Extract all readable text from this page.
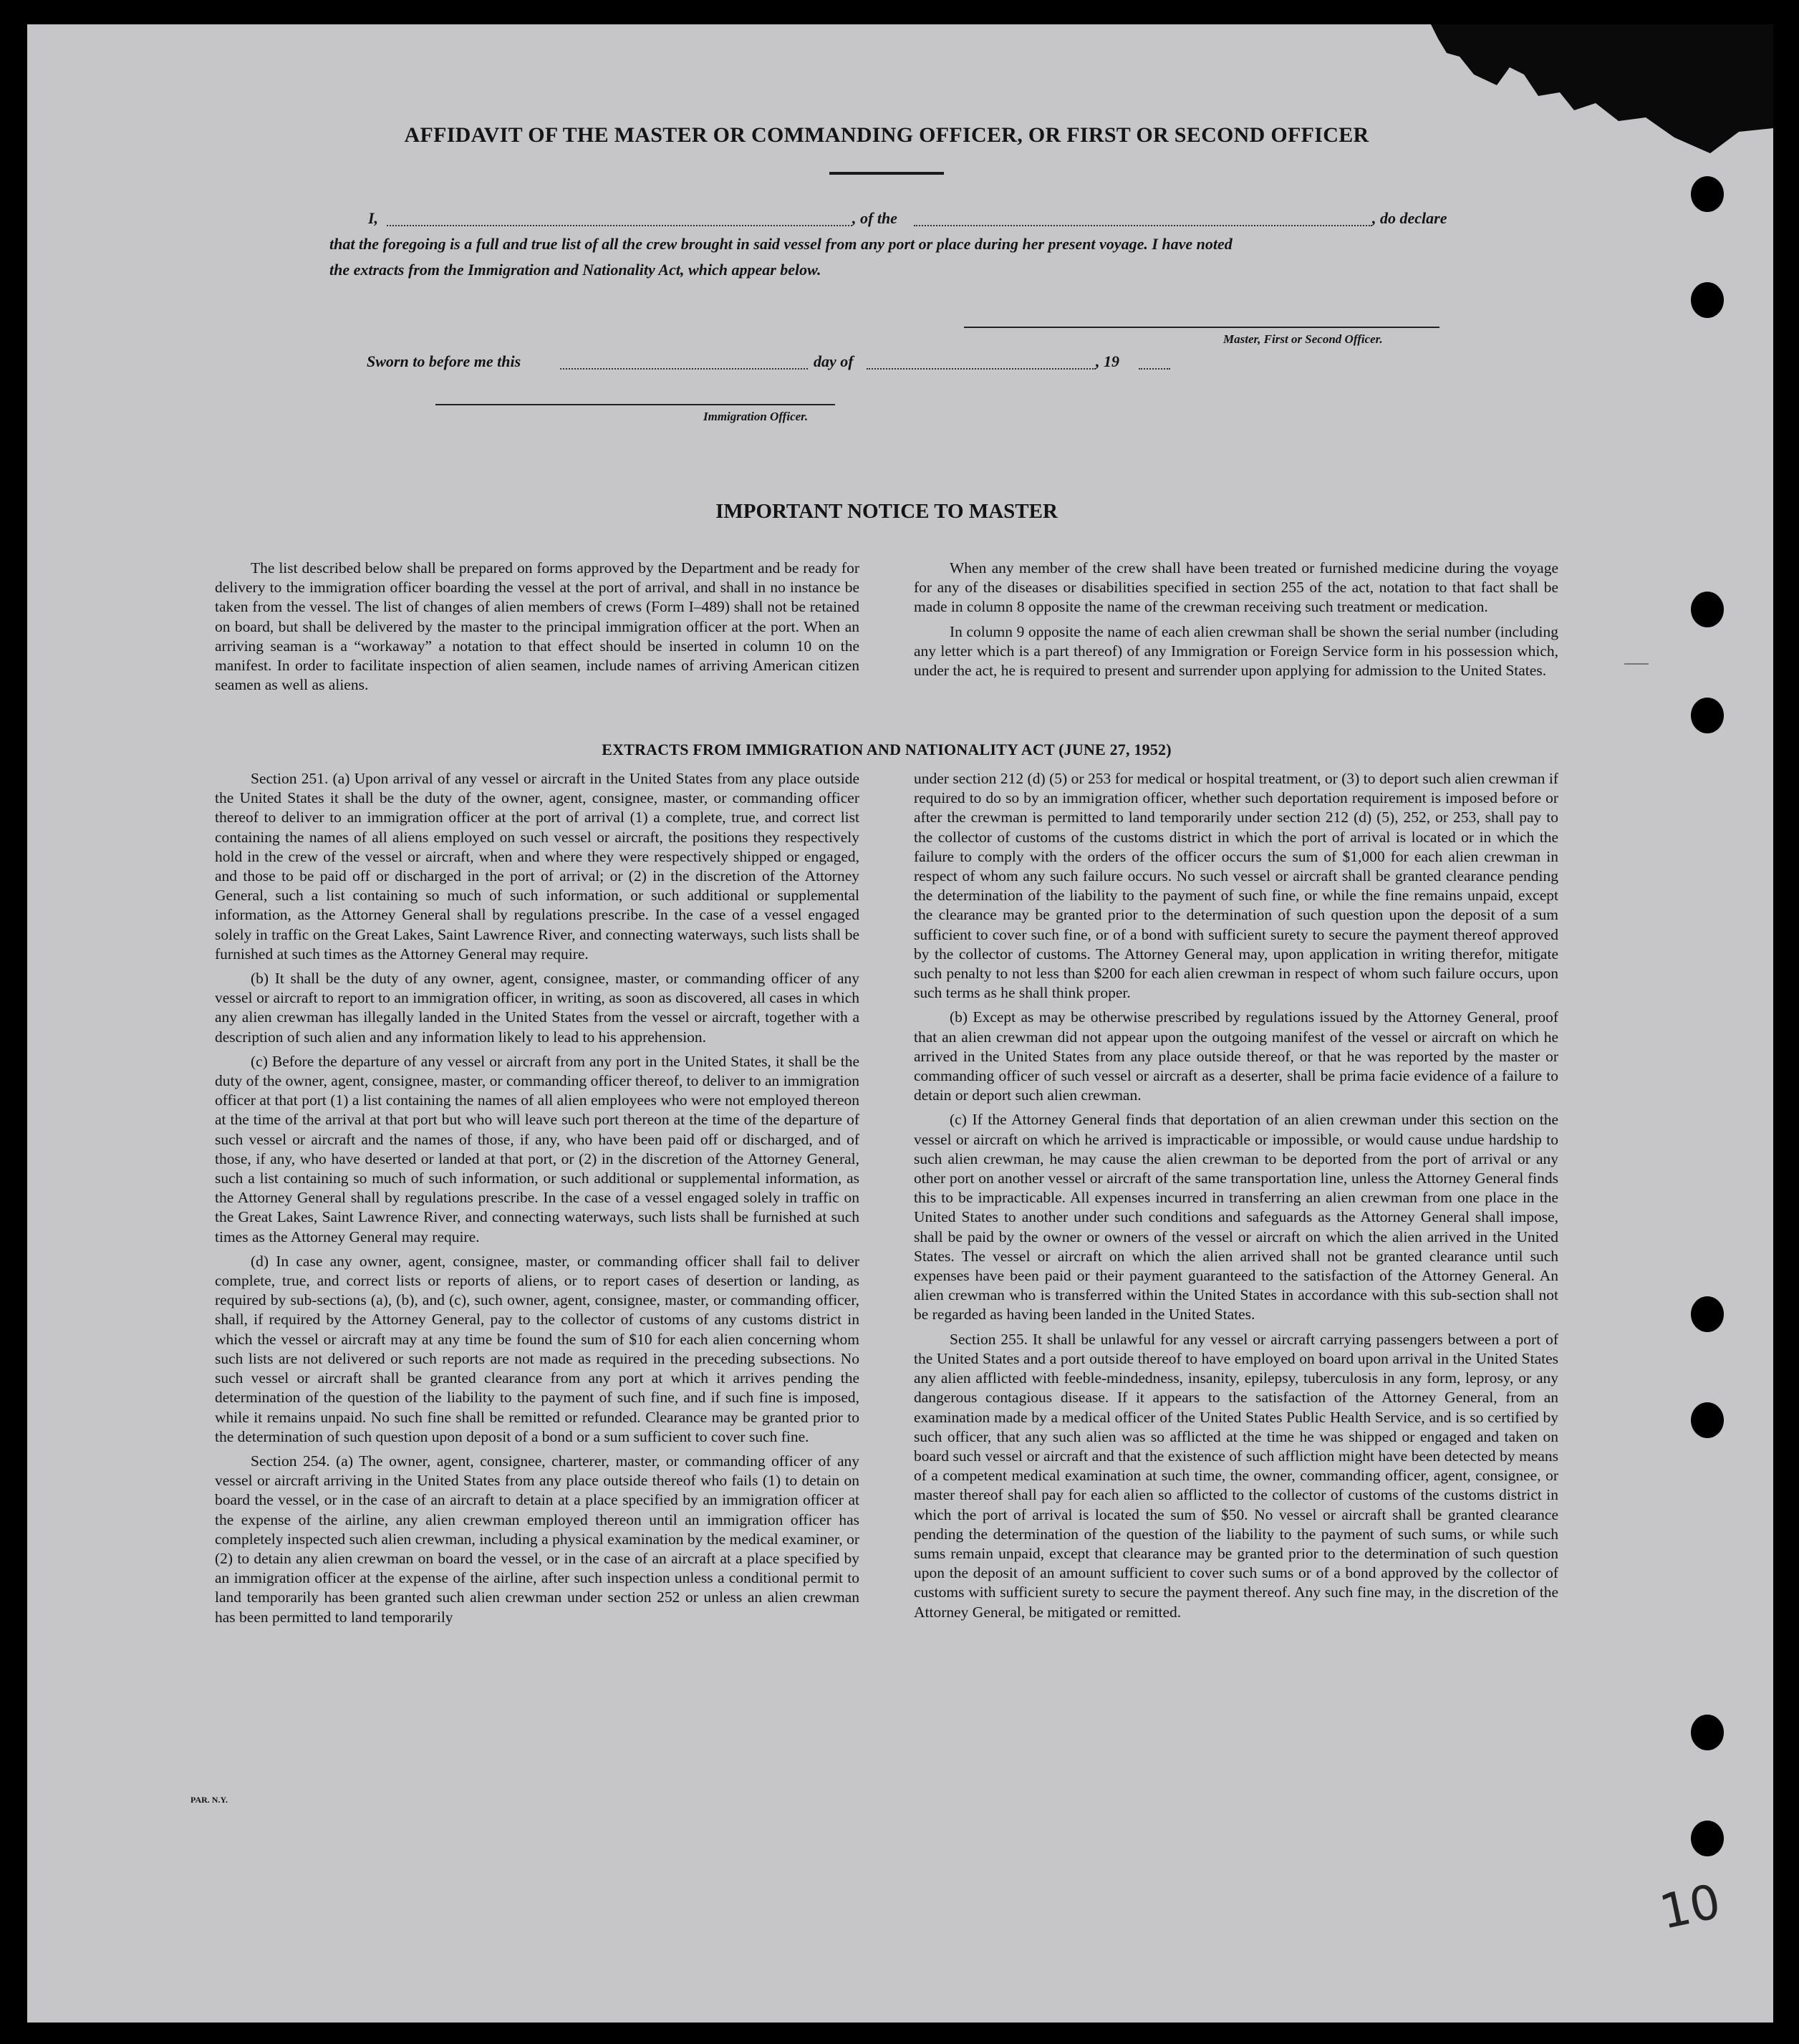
AFFIDAVIT OF THE MASTER OR COMMANDING OFFICER, OR FIRST OR SECOND OFFICER
I,	, of the	, do declare
that the foregoing is a full and true list of all the crew brought in said vessel from any port or place during her present voyage. I have noted
the extracts from the Immigration and Nationality Act, which appear below.
Master, First or Second Officer.
Sworn to before me this	day of	, 19
Immigration Officer.
IMPORTANT NOTICE TO MASTER

The list described below shall be prepared on forms approved by the Department and be ready for delivery to the immigration officer boarding the vessel at the port of arrival, and shall in no instance be taken from the vessel. The list of changes of alien members of crews (Form I–489) shall not be retained on board, but shall be delivered by the master to the principal immigration officer at the port. When an arriving seaman is a “workaway” a notation to that effect should be inserted in column 10 on the manifest. In order to facilitate inspection of alien seamen, include names of arriving American citizen seamen as well as aliens.

When any member of the crew shall have been treated or furnished medicine during the voyage for any of the diseases or disabilities specified in section 255 of the act, notation to that fact shall be made in column 8 opposite the name of the crewman receiving such treatment or medication.

In column 9 opposite the name of each alien crewman shall be shown the serial number (including any letter which is a part thereof) of any Immigration or Foreign Service form in his possession which, under the act, he is required to present and surrender upon applying for admission to the United States.

EXTRACTS FROM IMMIGRATION AND NATIONALITY ACT (JUNE 27, 1952)

Section 251. (a) Upon arrival of any vessel or aircraft in the United States from any place outside the United States it shall be the duty of the owner, agent, consignee, master, or commanding officer thereof to deliver to an immigration officer at the port of arrival (1) a complete, true, and correct list containing the names of all aliens employed on such vessel or aircraft, the positions they respectively hold in the crew of the vessel or aircraft, when and where they were respectively shipped or engaged, and those to be paid off or discharged in the port of arrival; or (2) in the discretion of the Attorney General, such a list containing so much of such information, or such additional or supplemental information, as the Attorney General shall by regulations prescribe. In the case of a vessel engaged solely in traffic on the Great Lakes, Saint Lawrence River, and connecting waterways, such lists shall be furnished at such times as the Attorney General may require.

(b) It shall be the duty of any owner, agent, consignee, master, or commanding officer of any vessel or aircraft to report to an immigration officer, in writing, as soon as discovered, all cases in which any alien crewman has illegally landed in the United States from the vessel or aircraft, together with a description of such alien and any information likely to lead to his apprehension.

(c) Before the departure of any vessel or aircraft from any port in the United States, it shall be the duty of the owner, agent, consignee, master, or commanding officer thereof, to deliver to an immigration officer at that port (1) a list containing the names of all alien employees who were not employed thereon at the time of the arrival at that port but who will leave such port thereon at the time of the departure of such vessel or aircraft and the names of those, if any, who have been paid off or discharged, and of those, if any, who have deserted or landed at that port, or (2) in the discretion of the Attorney General, such a list containing so much of such information, or such additional or supplemental information, as the Attorney General shall by regulations prescribe. In the case of a vessel engaged solely in traffic on the Great Lakes, Saint Lawrence River, and connecting waterways, such lists shall be furnished at such times as the Attorney General may require.

(d) In case any owner, agent, consignee, master, or commanding officer shall fail to deliver complete, true, and correct lists or reports of aliens, or to report cases of desertion or landing, as required by sub-sections (a), (b), and (c), such owner, agent, consignee, master, or commanding officer, shall, if required by the Attorney General, pay to the collector of customs of any customs district in which the vessel or aircraft may at any time be found the sum of $10 for each alien concerning whom such lists are not delivered or such reports are not made as required in the preceding subsections. No such vessel or aircraft shall be granted clearance from any port at which it arrives pending the determination of the question of the liability to the payment of such fine, and if such fine is imposed, while it remains unpaid. No such fine shall be remitted or refunded. Clearance may be granted prior to the determination of such question upon deposit of a bond or a sum sufficient to cover such fine.

Section 254. (a) The owner, agent, consignee, charterer, master, or commanding officer of any vessel or aircraft arriving in the United States from any place outside thereof who fails (1) to detain on board the vessel, or in the case of an aircraft to detain at a place specified by an immigration officer at the expense of the airline, any alien crewman employed thereon until an immigration officer has completely inspected such alien crewman, including a physical examination by the medical examiner, or (2) to detain any alien crewman on board the vessel, or in the case of an aircraft at a place specified by an immigration officer at the expense of the airline, after such inspection unless a conditional permit to land temporarily has been granted such alien crewman under section 252 or unless an alien crewman has been permitted to land temporarily

under section 212 (d) (5) or 253 for medical or hospital treatment, or (3) to deport such alien crewman if required to do so by an immigration officer, whether such deportation requirement is imposed before or after the crewman is permitted to land temporarily under section 212 (d) (5), 252, or 253, shall pay to the collector of customs of the customs district in which the port of arrival is located or in which the failure to comply with the orders of the officer occurs the sum of $1,000 for each alien crewman in respect of whom any such failure occurs. No such vessel or aircraft shall be granted clearance pending the determination of the liability to the payment of such fine, or while the fine remains unpaid, except the clearance may be granted prior to the determination of such question upon the deposit of a sum sufficient to cover such fine, or of a bond with sufficient surety to secure the payment thereof approved by the collector of customs. The Attorney General may, upon application in writing therefor, mitigate such penalty to not less than $200 for each alien crewman in respect of whom such failure occurs, upon such terms as he shall think proper.

(b) Except as may be otherwise prescribed by regulations issued by the Attorney General, proof that an alien crewman did not appear upon the outgoing manifest of the vessel or aircraft on which he arrived in the United States from any place outside thereof, or that he was reported by the master or commanding officer of such vessel or aircraft as a deserter, shall be prima facie evidence of a failure to detain or deport such alien crewman.

(c) If the Attorney General finds that deportation of an alien crewman under this section on the vessel or aircraft on which he arrived is impracticable or impossible, or would cause undue hardship to such alien crewman, he may cause the alien crewman to be deported from the port of arrival or any other port on another vessel or aircraft of the same transportation line, unless the Attorney General finds this to be impracticable. All expenses incurred in transferring an alien crewman from one place in the United States to another under such conditions and safeguards as the Attorney General shall impose, shall be paid by the owner or owners of the vessel or aircraft on which the alien arrived in the United States. The vessel or aircraft on which the alien arrived shall not be granted clearance until such expenses have been paid or their payment guaranteed to the satisfaction of the Attorney General. An alien crewman who is transferred within the United States in accordance with this sub-section shall not be regarded as having been landed in the United States.

Section 255. It shall be unlawful for any vessel or aircraft carrying passengers between a port of the United States and a port outside thereof to have employed on board upon arrival in the United States any alien afflicted with feeble-mindedness, insanity, epilepsy, tuberculosis in any form, leprosy, or any dangerous contagious disease. If it appears to the satisfaction of the Attorney General, from an examination made by a medical officer of the United States Public Health Service, and is so certified by such officer, that any such alien was so afflicted at the time he was shipped or engaged and taken on board such vessel or aircraft and that the existence of such affliction might have been detected by means of a competent medical examination at such time, the owner, commanding officer, agent, consignee, or master thereof shall pay for each alien so afflicted to the collector of customs of the customs district in which the port of arrival is located the sum of $50. No vessel or aircraft shall be granted clearance pending the determination of the question of the liability to the payment of such sums, or while such sums remain unpaid, except that clearance may be granted prior to the determination of such question upon the deposit of an amount sufficient to cover such sums or of a bond approved by the collector of customs with sufficient surety to secure the payment thereof. Any such fine may, in the discretion of the Attorney General, be mitigated or remitted.

PAR. N.Y.
10
